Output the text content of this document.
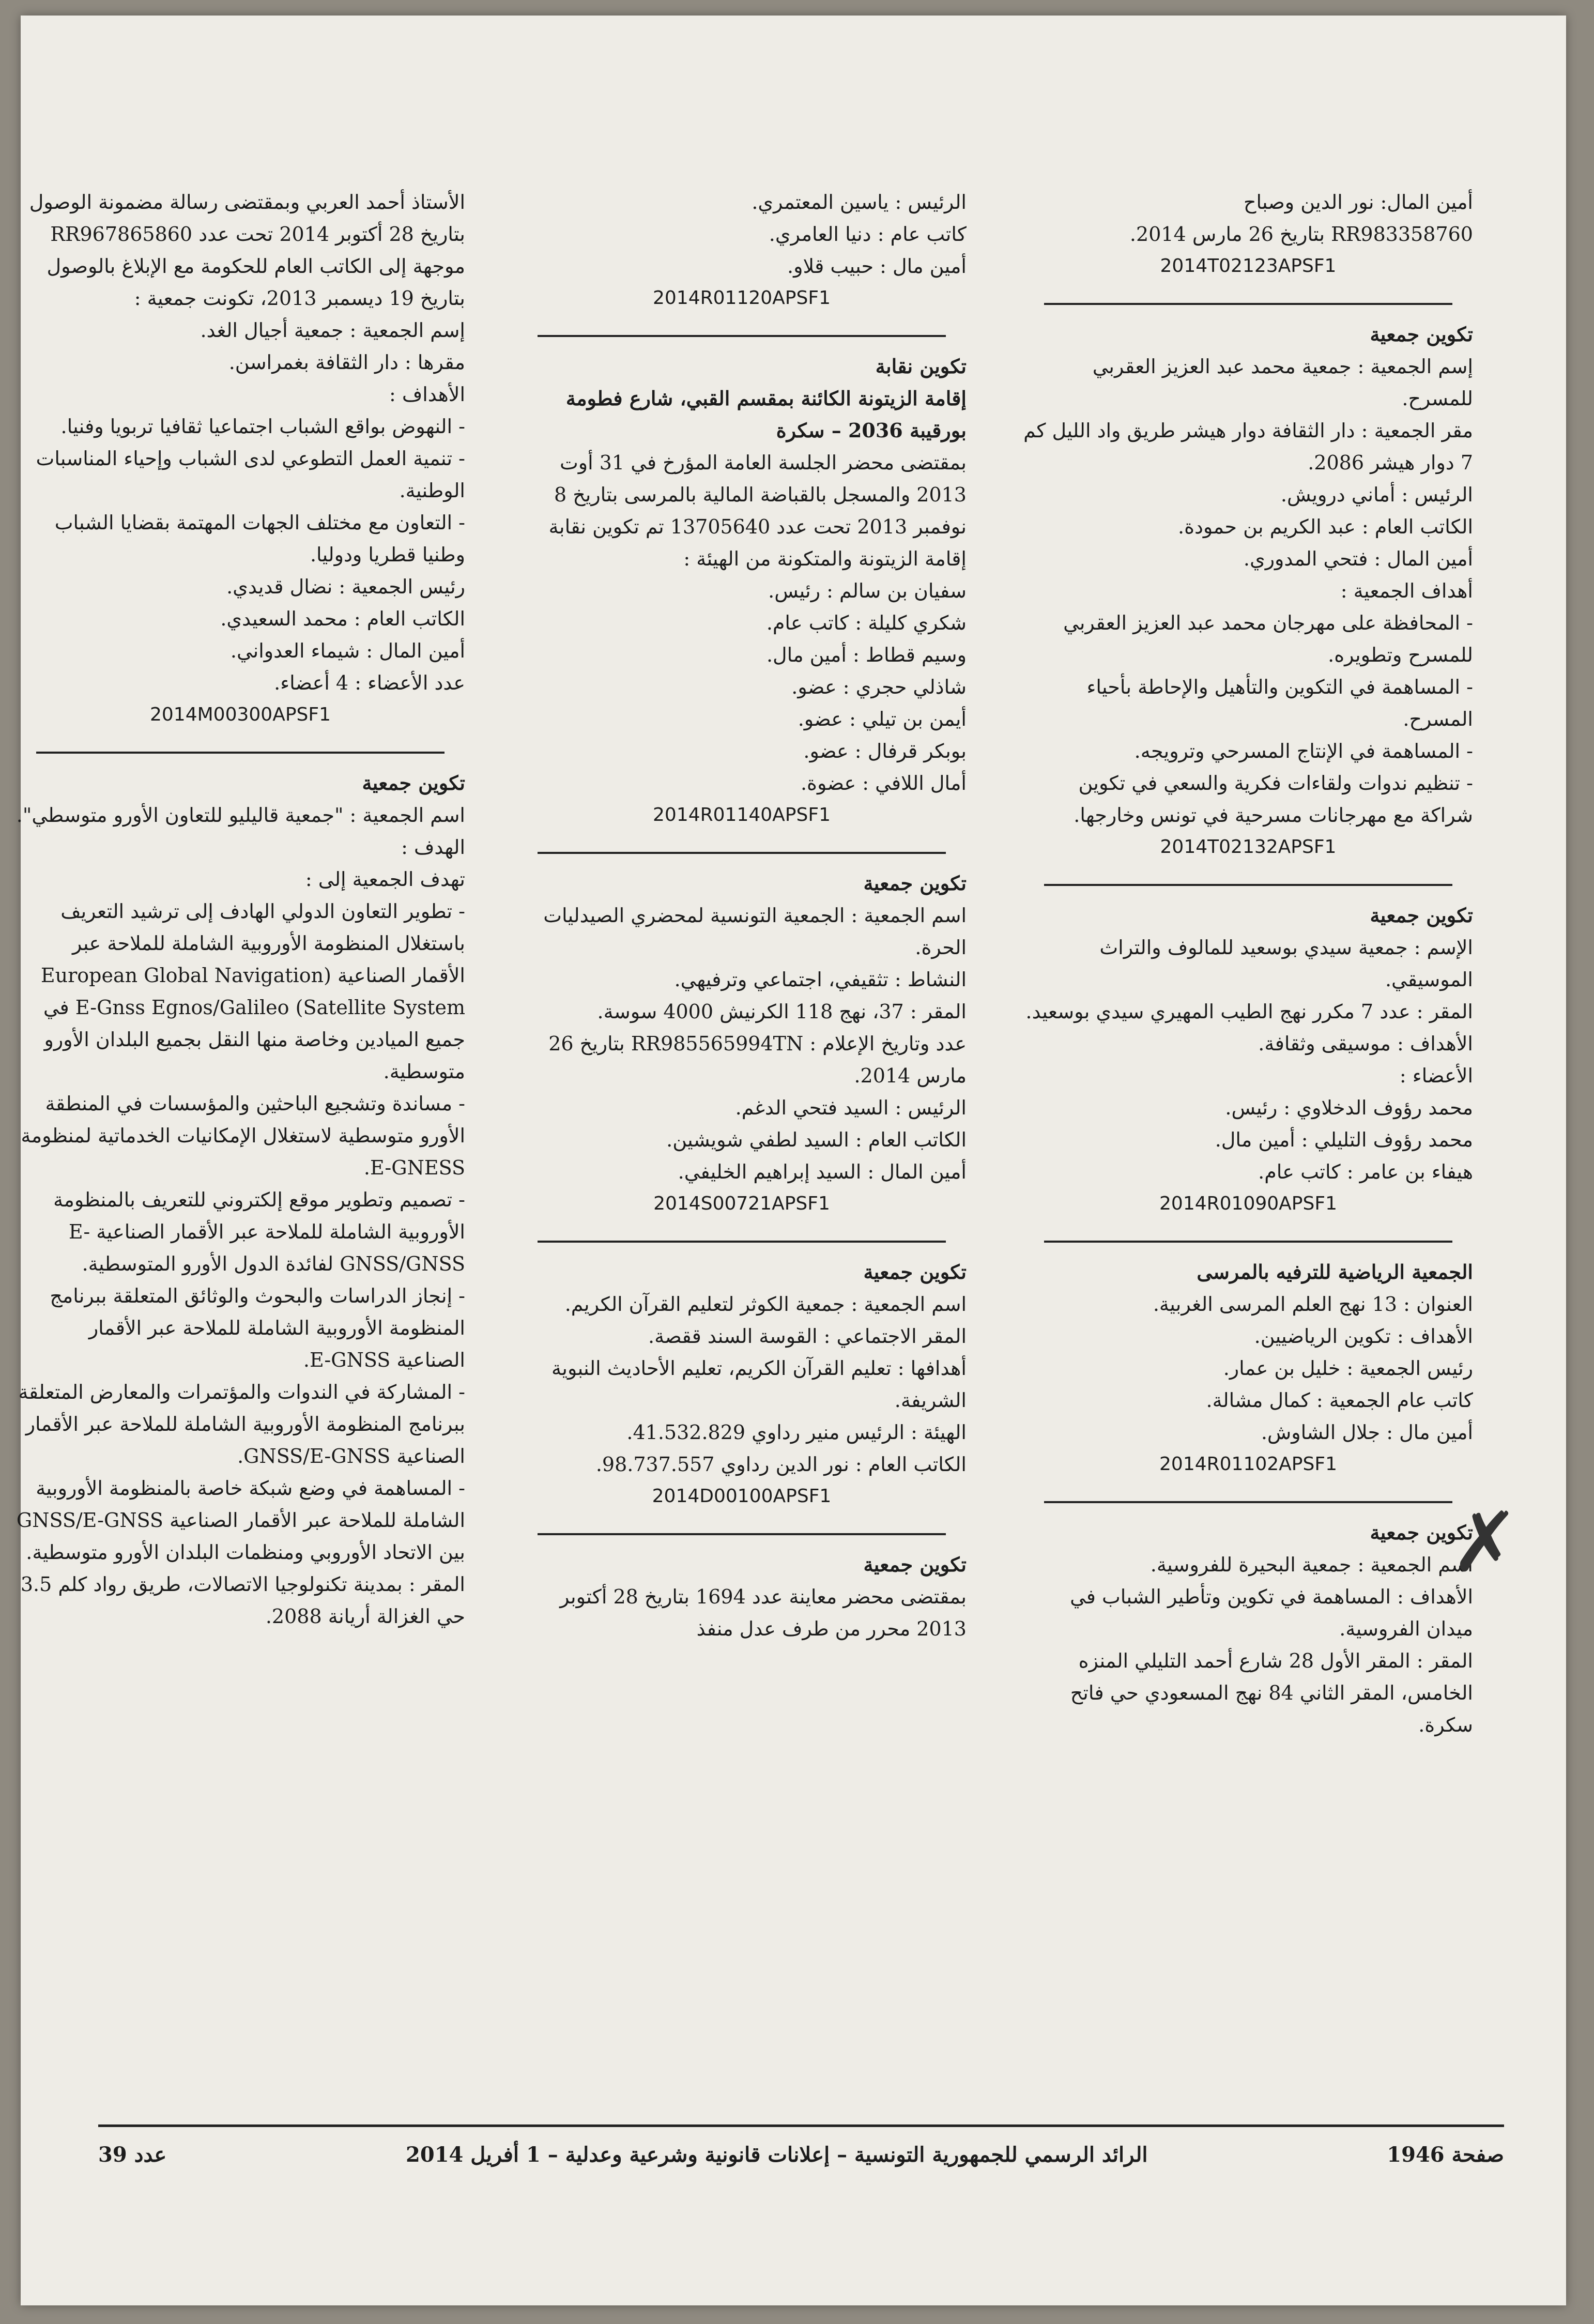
أمين المال: نور الدين وصباح

RR983358760 بتاريخ 26 مارس 2014.

2014T02123APSF1

تكوين جمعية

إسم الجمعية : جمعية محمد عبد العزيز العقربي للمسرح.

مقر الجمعية : دار الثقافة دوار هيشر طريق واد الليل كم 7 دوار هيشر 2086.

الرئيس : أماني درويش.

الكاتب العام : عبد الكريم بن حمودة.

أمين المال : فتحي المدوري.

أهداف الجمعية :

- المحافظة على مهرجان محمد عبد العزيز العقربي للمسرح وتطويره.

- المساهمة في التكوين والتأهيل والإحاطة بأحياء المسرح.

- المساهمة في الإنتاج المسرحي وترويجه.

- تنظيم ندوات ولقاءات فكرية والسعي في تكوين شراكة مع مهرجانات مسرحية في تونس وخارجها.

2014T02132APSF1

تكوين جمعية

الإسم : جمعية سيدي بوسعيد للمالوف والتراث الموسيقي.

المقر : عدد 7 مكرر نهج الطيب المهيري سيدي بوسعيد.

الأهداف : موسيقى وثقافة.

الأعضاء :

محمد رؤوف الدخلاوي : رئيس.

محمد رؤوف التليلي : أمين مال.

هيفاء بن عامر : كاتب عام.

2014R01090APSF1

الجمعية الرياضية للترفيه بالمرسى

العنوان : 13 نهج العلم المرسى الغربية.

الأهداف : تكوين الرياضيين.

رئيس الجمعية : خليل بن عمار.

كاتب عام الجمعية : كمال مشالة.

أمين مال : جلال الشاوش.

2014R01102APSF1

تكوين جمعية

اسم الجمعية : جمعية البحيرة للفروسية.

الأهداف : المساهمة في تكوين وتأطير الشباب في ميدان الفروسية.

المقر : المقر الأول 28 شارع أحمد التليلي المنزه الخامس، المقر الثاني 84 نهج المسعودي حي فاتح سكرة.

الرئيس : ياسين المعتمري.

كاتب عام : دنيا العامري.

أمين مال : حبيب قلاو.

2014R01120APSF1

تكوين نقابة

إقامة الزيتونة الكائنة بمقسم القبي، شارع فطومة بورقيبة 2036 – سكرة

بمقتضى محضر الجلسة العامة المؤرخ في 31 أوت 2013 والمسجل بالقباضة المالية بالمرسى بتاريخ 8 نوفمبر 2013 تحت عدد 13705640 تم تكوين نقابة إقامة الزيتونة والمتكونة من الهيئة :

سفيان بن سالم : رئيس.

شكري كليلة : كاتب عام.

وسيم قطاط : أمين مال.

شاذلي حجري : عضو.

أيمن بن تيلي : عضو.

بوبكر قرفال : عضو.

أمال اللافي : عضوة.

2014R01140APSF1

تكوين جمعية

اسم الجمعية : الجمعية التونسية لمحضري الصيدليات الحرة.

النشاط : تثقيفي، اجتماعي وترفيهي.

المقر : 37، نهج 118 الكرنيش 4000 سوسة.

عدد وتاريخ الإعلام : RR985565994TN بتاريخ 26 مارس 2014.

الرئيس : السيد فتحي الدغم.

الكاتب العام : السيد لطفي شويشين.

أمين المال : السيد إبراهيم الخليفي.

2014S00721APSF1

تكوين جمعية

اسم الجمعية : جمعية الكوثر لتعليم القرآن الكريم.

المقر الاجتماعي : القوسة السند ققصة.

أهدافها : تعليم القرآن الكريم، تعليم الأحاديث النبوية الشريفة.

الهيئة : الرئيس منير رداوي 41.532.829.

الكاتب العام : نور الدين رداوي 98.737.557.

2014D00100APSF1

تكوين جمعية

بمقتضى محضر معاينة عدد 1694 بتاريخ 28 أكتوبر 2013 محرر من طرف عدل منفذ

الأستاذ أحمد العربي وبمقتضى رسالة مضمونة الوصول بتاريخ 28 أكتوبر 2014 تحت عدد RR967865860 موجهة إلى الكاتب العام للحكومة مع الإبلاغ بالوصول بتاريخ 19 ديسمبر 2013، تكونت جمعية :

إسم الجمعية : جمعية أجيال الغد.

مقرها : دار الثقافة بغمراسن.

الأهداف :

- النهوض بواقع الشباب اجتماعيا ثقافيا تربويا وفنيا.

- تنمية العمل التطوعي لدى الشباب وإحياء المناسبات الوطنية.

- التعاون مع مختلف الجهات المهتمة بقضايا الشباب وطنيا قطريا ودوليا.

رئيس الجمعية : نضال قديدي.

الكاتب العام : محمد السعيدي.

أمين المال : شيماء العدواني.

عدد الأعضاء : 4 أعضاء.

2014M00300APSF1

تكوين جمعية

اسم الجمعية : "جمعية قاليليو للتعاون الأورو متوسطي".

الهدف :

تهدف الجمعية إلى :

- تطوير التعاون الدولي الهادف إلى ترشيد التعريف باستغلال المنظومة الأوروبية الشاملة للملاحة عبر الأقمار الصناعية (European Global Navigation Satellite System) E-Gnss Egnos/Galileo في جميع الميادين وخاصة منها النقل بجميع البلدان الأورو متوسطية.

- مساندة وتشجيع الباحثين والمؤسسات في المنطقة الأورو متوسطية لاستغلال الإمكانيات الخدماتية لمنظومة E-GNESS.

- تصميم وتطوير موقع إلكتروني للتعريف بالمنظومة الأوروبية الشاملة للملاحة عبر الأقمار الصناعية E-GNSS/GNSS لفائدة الدول الأورو المتوسطية.

- إنجاز الدراسات والبحوث والوثائق المتعلقة ببرنامج المنظومة الأوروبية الشاملة للملاحة عبر الأقمار الصناعية E-GNSS.

- المشاركة في الندوات والمؤتمرات والمعارض المتعلقة ببرنامج المنظومة الأوروبية الشاملة للملاحة عبر الأقمار الصناعية GNSS/E-GNSS.

- المساهمة في وضع شبكة خاصة بالمنظومة الأوروبية الشاملة للملاحة عبر الأقمار الصناعية GNSS/E-GNSS بين الاتحاد الأوروبي ومنظمات البلدان الأورو متوسطية.

المقر : بمدينة تكنولوجيا الاتصالات، طريق رواد كلم 3.5 حي الغزالة أريانة 2088.

✗
صفحة 1946
الرائد الرسمي للجمهورية التونسية – إعلانات قانونية وشرعية وعدلية – 1 أفريل 2014
عدد 39
